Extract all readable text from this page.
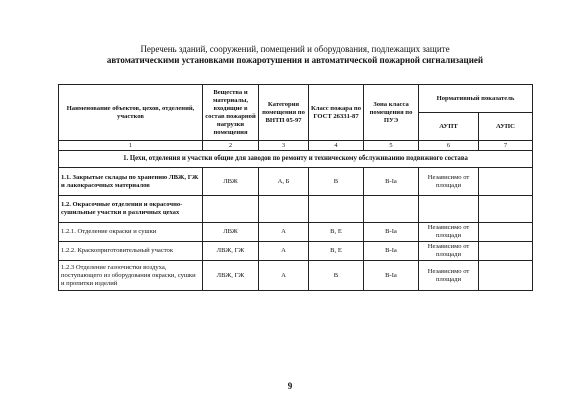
Перечень зданий, сооружений, помещений и оборудования, подлежащих защите
автоматическими установками пожаротушения и автоматической пожарной сигнализацией
Наименование объектов, цехов, отделений, участков	Вещества и материалы, входящие в состав пожарной нагрузки помещения	Категория помещения по ВНТП 05-97	Класс пожара по ГОСТ 26331-87	Зона класса помещения по ПУЭ	Нормативный показатель	
					АУПТ	АУПС
1	2	3	4	5	6	7
1. Цехи, отделения и участки общие для заводов по ремонту и техническому обслуживанию подвижного состава						
1.1. Закрытые склады по хранению ЛВЖ, ГЖ и лакокрасочных материалов	ЛВЖ	А, Б	В	В-Iа	Независимо от площади	
1.2. Окрасочные отделения и окрасочно-сушильные участки в различных цехах						
1.2.1. Отделение окраски и сушки	ЛВЖ	А	В, Е	В-Iа	Независимо от площади	
1.2.2. Краскоприготовительный участок	ЛВЖ, ГЖ	А	В, Е	В-Iа	Независимо от площади	
1.2.3 Отделение газоочистки воздуха, поступающего из оборудования окраски, сушки и пропитки изделий	ЛВЖ, ГЖ	А	В	В-Iа	Независимо от площади	
9
